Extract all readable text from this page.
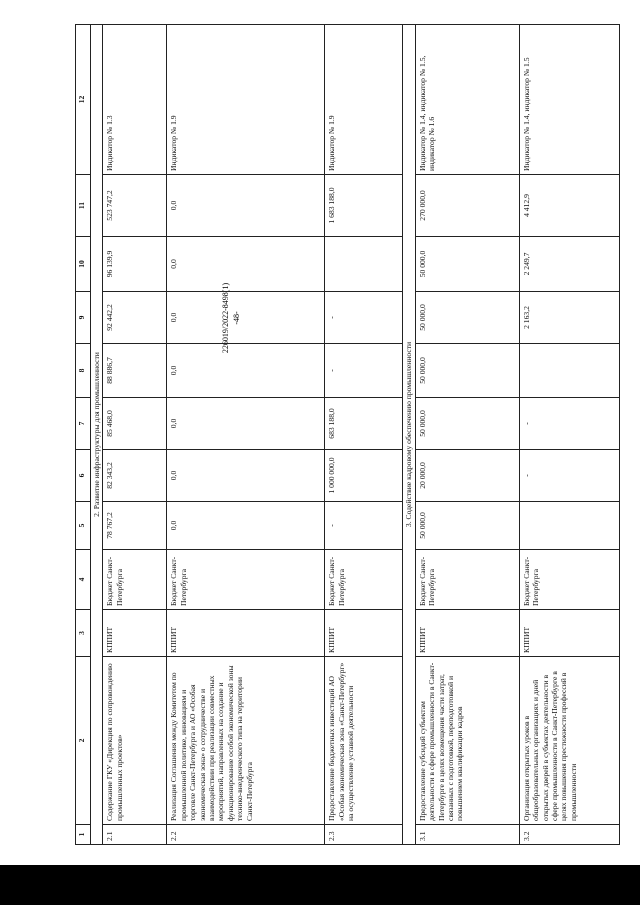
226019/2022-8498(1) -48-
1	2	3	4	5	6	7	8	9	10	11	12
2. Развитие инфраструктуры для промышленности											
2.1	Содержание ГКУ «Дирекция по сопровождению промышленных проектов»	КППИТ	Бюджет Санкт-Петербурга	78 767,2	82 343,2	85 468,0	88 886,7	92 442,2	96 139,9	523 747,2	Индикатор № 1.3
2.2	Реализация Соглашения между Комитетом по промышленной политике, инновациям и торговле Санкт-Петербурга и АО «Особая экономическая зона» о сотрудничестве и взаимодействии при реализации совместных мероприятий, направленных на создание и функционирование особой экономической зоны технико-внедренческого типа на территории Санкт-Петербурга	КППИТ	Бюджет Санкт-Петербурга	0,0	0,0	0,0	0,0	0,0	0,0	0,0	Индикатор № 1.9
2.3	Предоставление бюджетных инвестиций АО «Особая экономическая зона «Санкт-Петербург» на осуществление уставной деятельности	КППИТ	Бюджет Санкт-Петербурга	-	1 000 000,0	683 188,0	-	-		1 683 188,0	Индикатор № 1.9
3. Содействие кадровому обеспечению промышленности											
3.1	Предоставление субсидий субъектам деятельности в сфере промышленности в Санкт-Петербурге в целях возмещения части затрат, связанных с подготовкой, переподготовкой и повышением квалификации кадров	КППИТ	Бюджет Санкт-Петербурга	50 000,0	20 000,0	50 000,0	50 000,0	50 000,0	50 000,0	270 000,0	Индикатор № 1.4, индикатор № 1.5, индикатор № 1.6
3.2	Организация открытых уроков в общеобразовательных организациях и дней открытых дверей в субъектах деятельности в сфере промышленности в Санкт-Петербурге в целях повышения престижности профессий в промышленности	КППИТ	Бюджет Санкт-Петербурга		-	-		2 163,2	2 249,7	4 412,9	Индикатор № 1.4, индикатор № 1.5
